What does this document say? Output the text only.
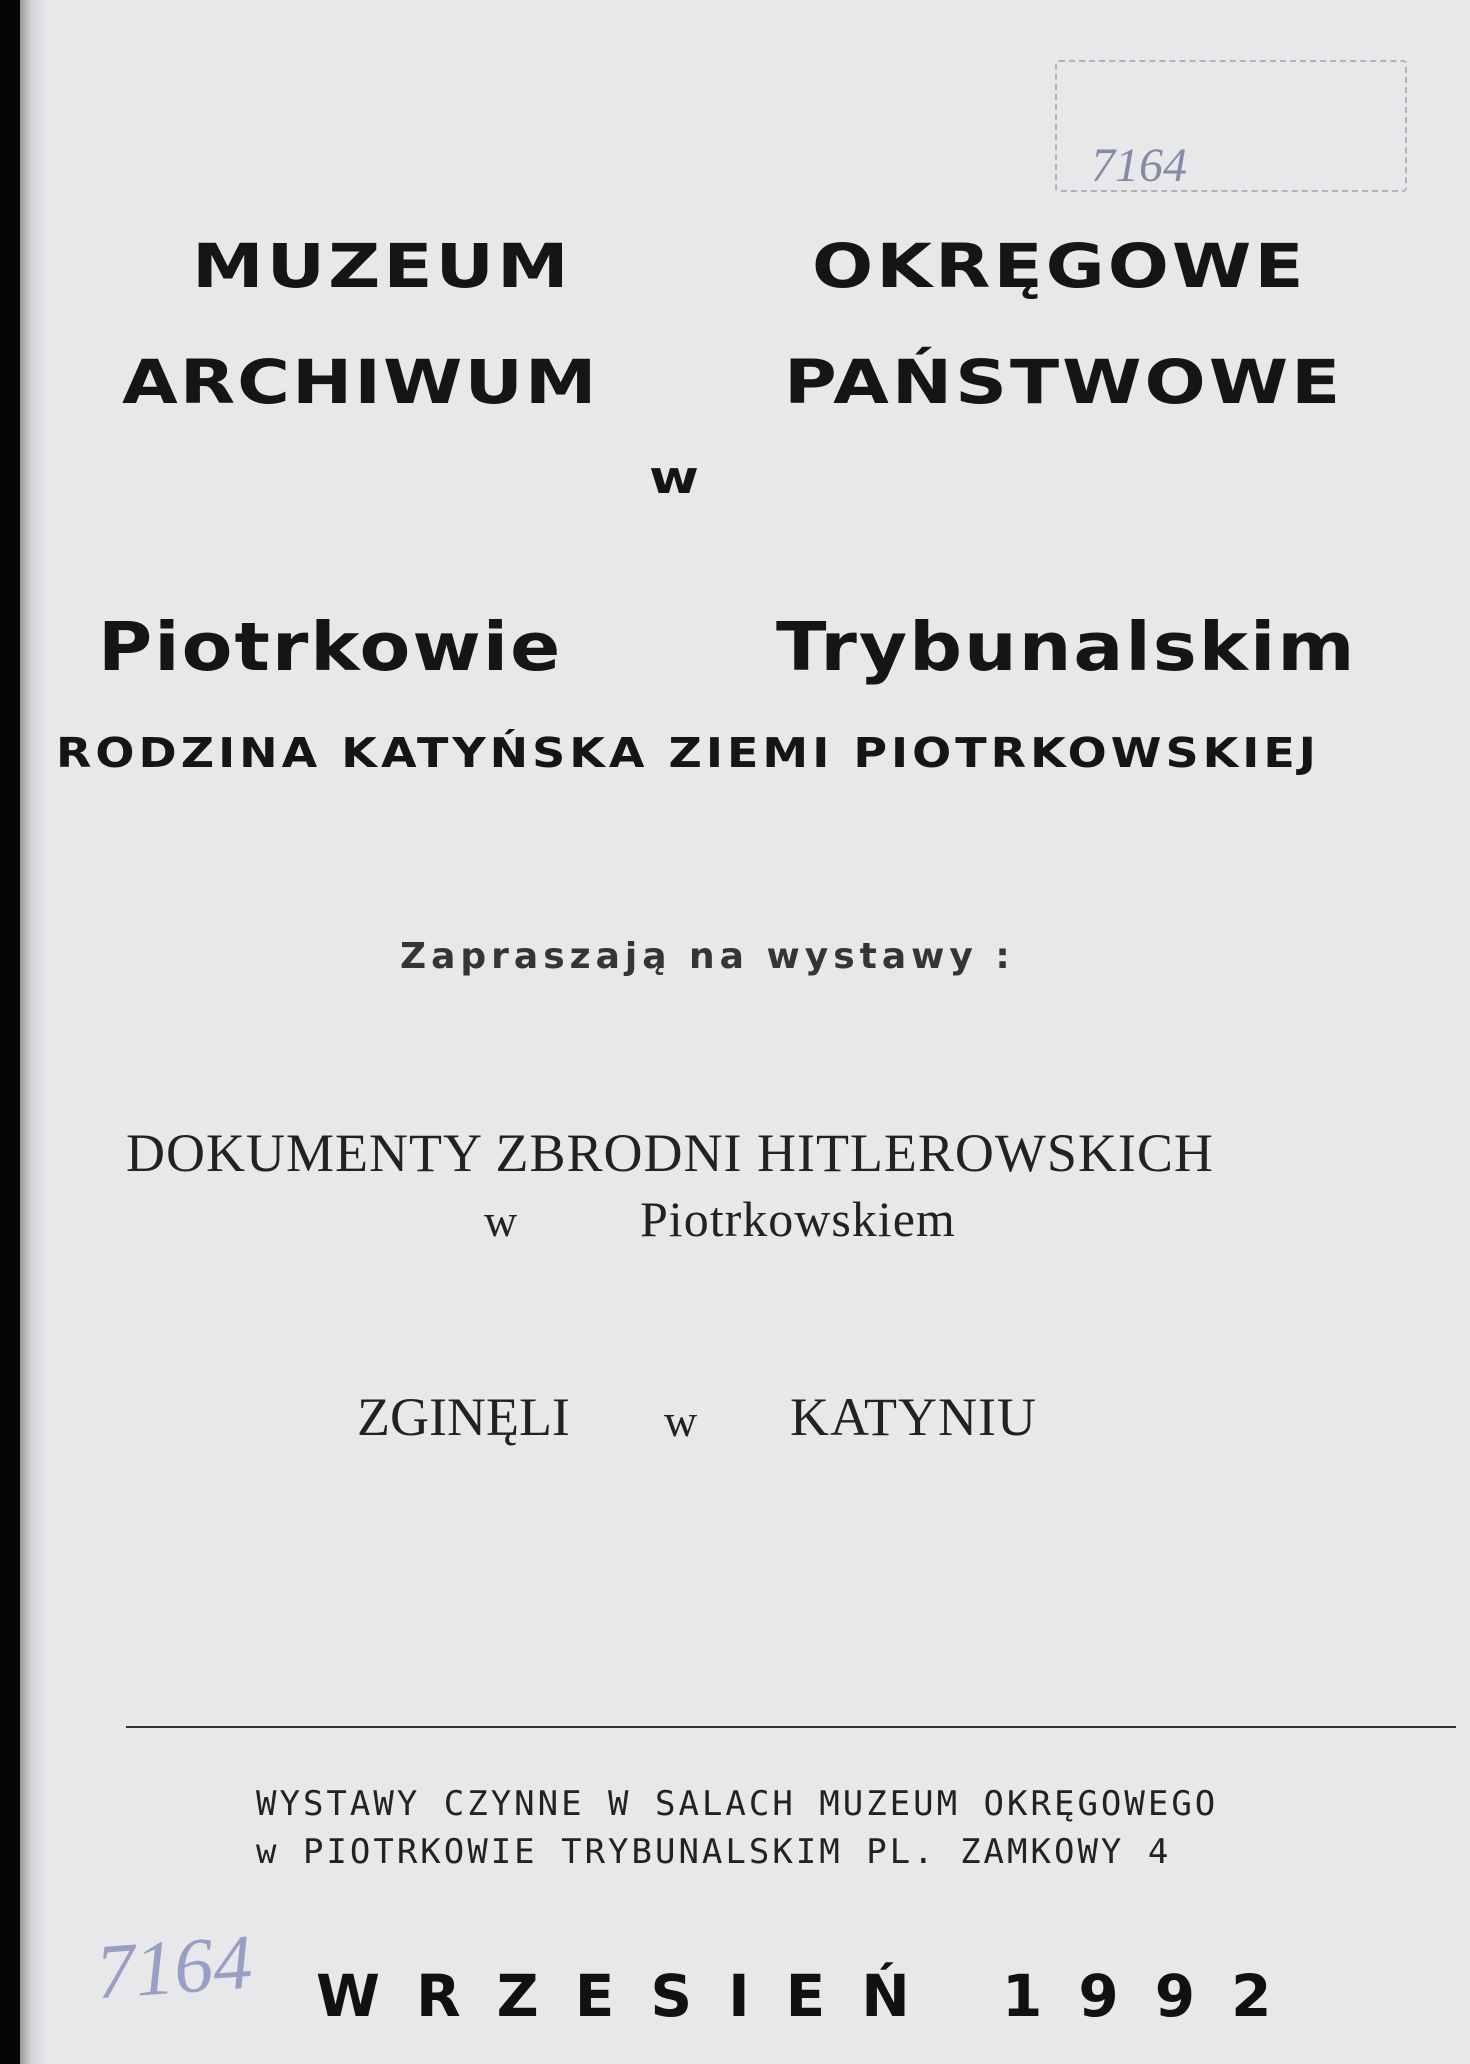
7164
MUZEUM	OKRĘGOWE
ARCHIWUM	PAŃSTWOWE
w
Piotrkowie	Trybunalskim
RODZINA KATYŃSKA ZIEMI PIOTRKOWSKIEJ
Zapraszają na wystawy :
DOKUMENTY ZBRODNI HITLEROWSKICH
w Piotrkowskiem
ZGINĘLI w KATYNIU
WYSTAWY CZYNNE W SALACH MUZEUM OKRĘGOWEGO
w PIOTRKOWIE TRYBUNALSKIM PL. ZAMKOWY 4
7164 WRZESIEŃ 1992
